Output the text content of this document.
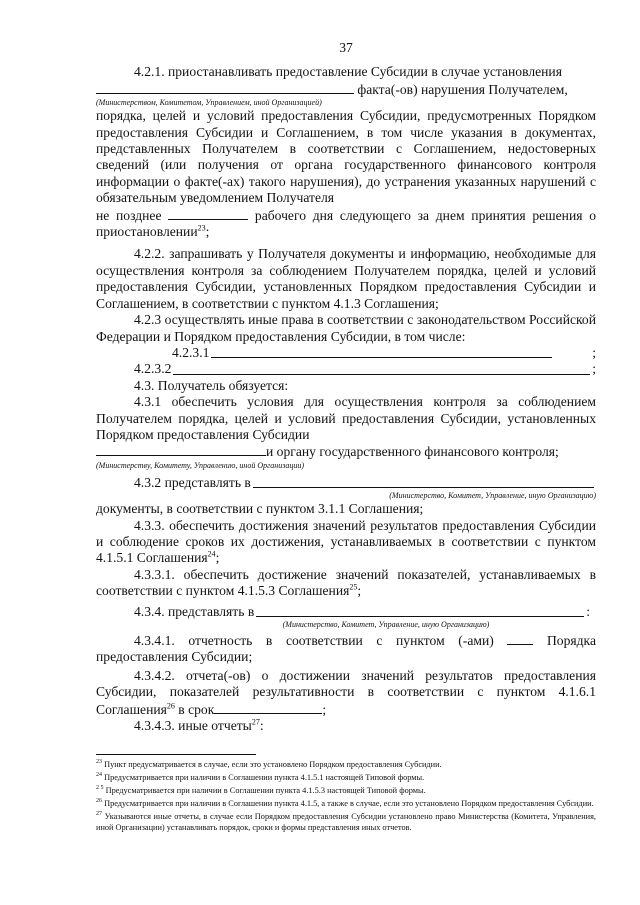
37

4.2.1. приостанавливать предоставление Субсидии в случае установления

факта(-ов) нарушения Получателем,

(Министерством, Комитетом, Управлением, иной Организацией)

порядка, целей и условий предоставления Субсидии, предусмотренных Порядком предоставления Субсидии и Соглашением, в том числе указания в документах, представленных Получателем в соответствии с Соглашением, недостоверных сведений (или получения от органа государственного финансового контроля информации о факте(-ах) такого нарушения), до устранения указанных нарушений с обязательным уведомлением Получателя

не позднее	рабочего дня следующего за днем принятия решения о приостановлении$^{23}$;

4.2.2. запрашивать у Получателя документы и информацию, необходимые для осуществления контроля за соблюдением Получателем порядка, целей и условий предоставления Субсидии, установленных Порядком предоставления Субсидии и Соглашением, в соответствии с пунктом 4.1.3 Соглашения;

4.2.3 осуществлять иные права в соответствии с законодательством Российской Федерации и Порядком предоставления Субсидии, в том числе:

4.2.3.1	;
4.2.3.2	;

4.3. Получатель обязуется:

4.3.1 обеспечить условия для осуществления контроля за соблюдением Получателем порядка, целей и условий предоставления Субсидии, установленных Порядком предоставления Субсидии

и органу государственного финансового контроля;

(Министерству, Комитету, Управлению, иной Организации)

4.3.2 представлять в

(Министерство, Комитет, Управление, иную Организацию)

документы, в соответствии с пунктом 3.1.1 Соглашения;

4.3.3. обеспечить достижения значений результатов предоставления Субсидии и соблюдение сроков их достижения, устанавливаемых в соответствии с пунктом 4.1.5.1 Соглашения$^{24}$;

4.3.3.1. обеспечить достижение значений показателей, устанавливаемых в соответствии с пунктом 4.1.5.3 Соглашения$^{25}$;

4.3.4. представлять в	:

(Министерство, Комитет, Управление, иную Организацию)

4.3.4.1. отчетность в соответствии с пунктом (-ами)	Порядка предоставления Субсидии;

4.3.4.2. отчета(-ов) о достижении значений результатов предоставления Субсидии, показателей результативности в соответствии с пунктом 4.1.6.1 Соглашения$^{26}$ в срок	;

4.3.4.3. иные отчеты$^{27}$:

$^{23}$ Пункт предусматривается в случае, если это установлено Порядком предоставления Субсидии.

$^{24}$ Предусматривается при наличии в Соглашении пункта 4.1.5.1 настоящей Типовой формы.

$^{2 5}$ Предусматривается при наличии в Соглашении пункта 4.1.5.3 настоящей Типовой формы.

$^{26}$ Предусматривается при наличии в Соглашении пункта 4.1.5, а также в случае, если это установлено Порядком предоставления Субсидии.

$^{27}$ Указываются иные отчеты, в случае если Порядком предоставления Субсидии установлено право Министерства (Комитета, Управления, иной Организации) устанавливать порядок, сроки и формы представления иных отчетов.
